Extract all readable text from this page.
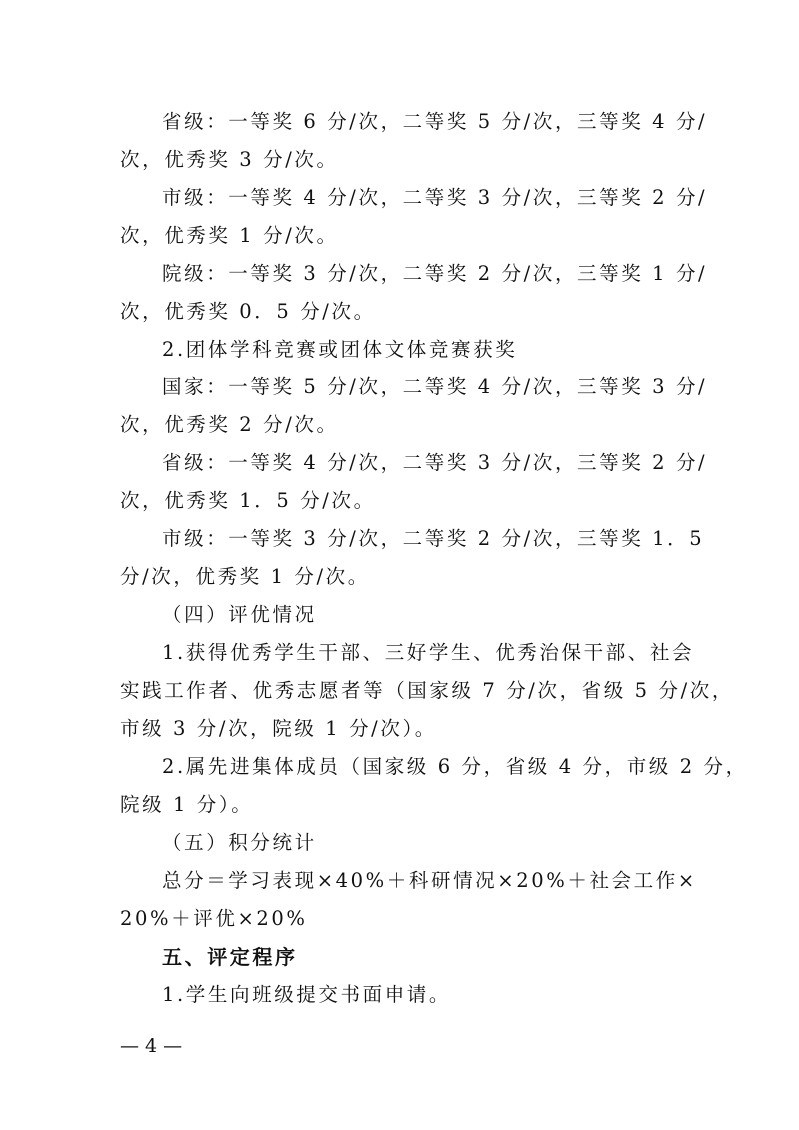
省级：一等奖 6 分/次，二等奖 5 分/次，三等奖 4 分/
次，优秀奖 3 分/次。
市级：一等奖 4 分/次，二等奖 3 分/次，三等奖 2 分/
次，优秀奖 1 分/次。
院级：一等奖 3 分/次，二等奖 2 分/次，三等奖 1 分/
次，优秀奖 0．5 分/次。
2.团体学科竞赛或团体文体竞赛获奖
国家：一等奖 5 分/次，二等奖 4 分/次，三等奖 3 分/
次，优秀奖 2 分/次。
省级：一等奖 4 分/次，二等奖 3 分/次，三等奖 2 分/
次，优秀奖 1．5 分/次。
市级：一等奖 3 分/次，二等奖 2 分/次，三等奖 1．5
分/次，优秀奖 1 分/次。
（四）评优情况
1.获得优秀学生干部、三好学生、优秀治保干部、社会
实践工作者、优秀志愿者等（国家级 7 分/次，省级 5 分/次，
市级 3 分/次，院级 1 分/次）。
2.属先进集体成员（国家级 6 分，省级 4 分，市级 2 分，
院级 1 分）。
（五）积分统计
总分＝学习表现×40%＋科研情况×20%＋社会工作×
20%＋评优×20%
五、评定程序
1.学生向班级提交书面申请。
— 4 —
